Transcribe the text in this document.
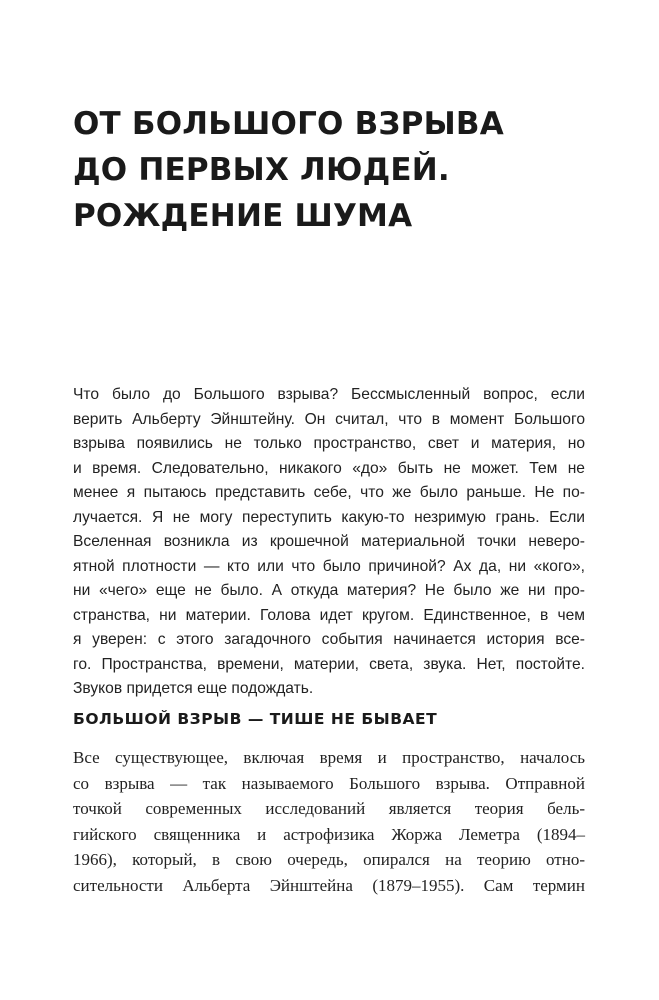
ОТ БОЛЬШОГО ВЗРЫВА
ДО ПЕРВЫХ ЛЮДЕЙ.
РОЖДЕНИЕ ШУМА
Что было до Большого взрыва? Бессмысленный вопрос, если
верить Альберту Эйнштейну. Он считал, что в момент Большого
взрыва появились не только пространство, свет и материя, но
и время. Следовательно, никакого «до» быть не может. Тем не
менее я пытаюсь представить себе, что же было раньше. Не по-
лучается. Я не могу переступить какую-то незримую грань. Если
Вселенная возникла из крошечной материальной точки неверо-
ятной плотности — кто или что было причиной? Ах да, ни «кого»,
ни «чего» еще не было. А откуда материя? Не было же ни про-
странства, ни материи. Голова идет кругом. Единственное, в чем
я уверен: с этого загадочного события начинается история все-
го. Пространства, времени, материи, света, звука. Нет, постойте.
Звуков придется еще подождать.
БОЛЬШОЙ ВЗРЫВ — ТИШЕ НЕ БЫВАЕТ
Все существующее, включая время и пространство, началось
со взрыва — так называемого Большого взрыва. Отправной
точкой современных исследований является теория бель-
гийского священника и астрофизика Жоржа Леметра (1894–
1966), который, в свою очередь, опирался на теорию отно-
сительности Альберта Эйнштейна (1879–1955). Сам термин
